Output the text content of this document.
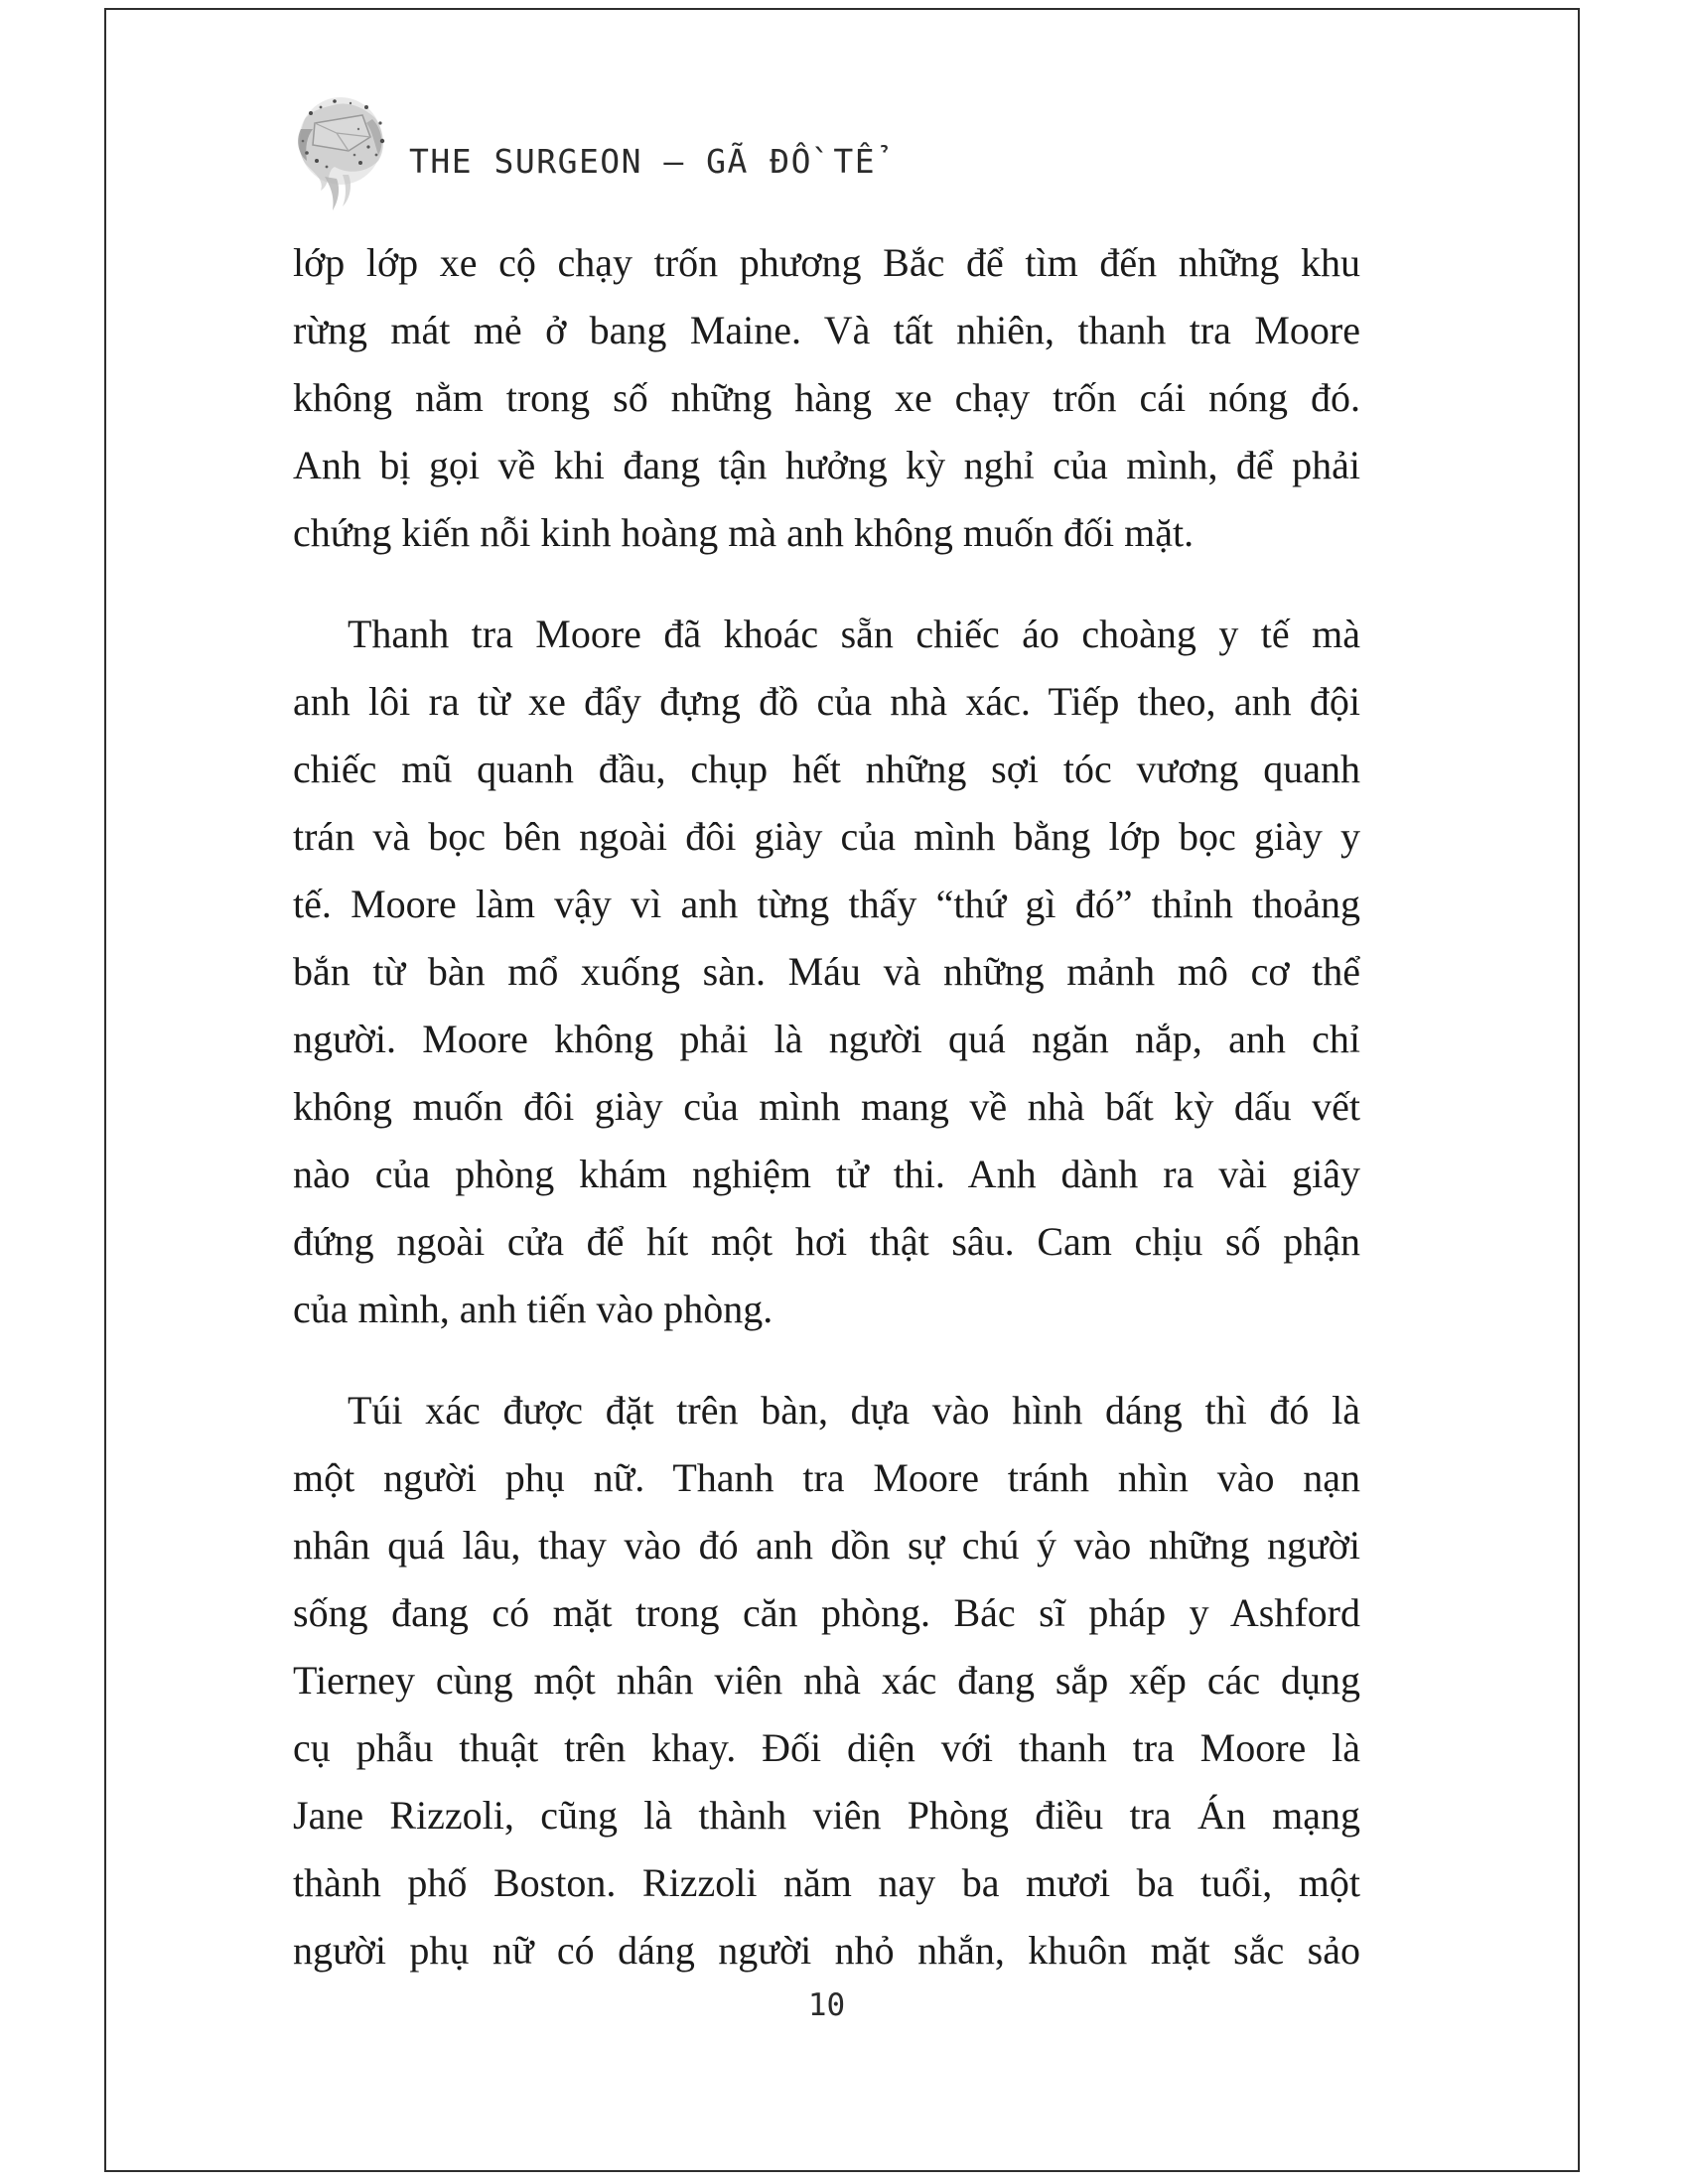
THE SURGEON – GÃ ĐỒ TỂ
lớp lớp xe cộ chạy trốn phương Bắc để tìm đến những khu
rừng mát mẻ ở bang Maine. Và tất nhiên, thanh tra Moore
không nằm trong số những hàng xe chạy trốn cái nóng đó.
Anh bị gọi về khi đang tận hưởng kỳ nghỉ của mình, để phải
chứng kiến nỗi kinh hoàng mà anh không muốn đối mặt.
Thanh tra Moore đã khoác sẵn chiếc áo choàng y tế mà
anh lôi ra từ xe đẩy đựng đồ của nhà xác. Tiếp theo, anh đội
chiếc mũ quanh đầu, chụp hết những sợi tóc vương quanh
trán và bọc bên ngoài đôi giày của mình bằng lớp bọc giày y
tế. Moore làm vậy vì anh từng thấy “thứ gì đó” thỉnh thoảng
bắn từ bàn mổ xuống sàn. Máu và những mảnh mô cơ thể
người. Moore không phải là người quá ngăn nắp, anh chỉ
không muốn đôi giày của mình mang về nhà bất kỳ dấu vết
nào của phòng khám nghiệm tử thi. Anh dành ra vài giây
đứng ngoài cửa để hít một hơi thật sâu. Cam chịu số phận
của mình, anh tiến vào phòng.
Túi xác được đặt trên bàn, dựa vào hình dáng thì đó là
một người phụ nữ. Thanh tra Moore tránh nhìn vào nạn
nhân quá lâu, thay vào đó anh dồn sự chú ý vào những người
sống đang có mặt trong căn phòng. Bác sĩ pháp y Ashford
Tierney cùng một nhân viên nhà xác đang sắp xếp các dụng
cụ phẫu thuật trên khay. Đối diện với thanh tra Moore là
Jane Rizzoli, cũng là thành viên Phòng điều tra Án mạng
thành phố Boston. Rizzoli năm nay ba mươi ba tuổi, một
người phụ nữ có dáng người nhỏ nhắn, khuôn mặt sắc sảo
10
